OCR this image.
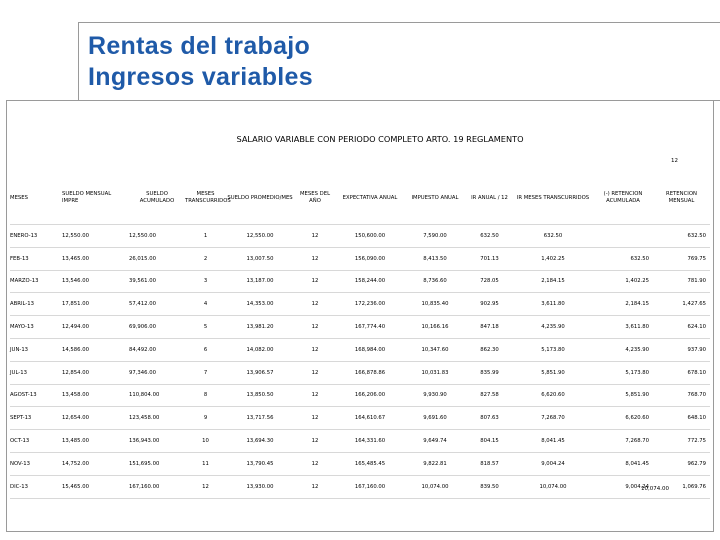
Rentas del trabajo
Ingresos variables
SALARIO VARIABLE CON PERIODO COMPLETO ARTO. 19 REGLAMENTO
12
MESES	SUELDO MENSUAL IMPRE	SUELDO ACUMULADO	MESES TRANSCURRIDOS	SUELDO PROMEDIO/MES	MESES DEL AÑO	EXPECTATIVA ANUAL	IMPUESTO ANUAL	IR ANUAL / 12	IR MESES TRANSCURRIDOS	(-) RETENCION ACUMULADA	RETENCION MENSUAL
ENERO-13	12,550.00	12,550.00	1	12,550.00	12	150,600.00	7,590.00	632.50	632.50		632.50
FEB-13	13,465.00	26,015.00	2	13,007.50	12	156,090.00	8,413.50	701.13	1,402.25	632.50	769.75
MARZO-13	13,546.00	39,561.00	3	13,187.00	12	158,244.00	8,736.60	728.05	2,184.15	1,402.25	781.90
ABRIL-13	17,851.00	57,412.00	4	14,353.00	12	172,236.00	10,835.40	902.95	3,611.80	2,184.15	1,427.65
MAYO-13	12,494.00	69,906.00	5	13,981.20	12	167,774.40	10,166.16	847.18	4,235.90	3,611.80	624.10
JUN-13	14,586.00	84,492.00	6	14,082.00	12	168,984.00	10,347.60	862.30	5,173.80	4,235.90	937.90
JUL-13	12,854.00	97,346.00	7	13,906.57	12	166,878.86	10,031.83	835.99	5,851.90	5,173.80	678.10
AGOST-13	13,458.00	110,804.00	8	13,850.50	12	166,206.00	9,930.90	827.58	6,620.60	5,851.90	768.70
SEPT-13	12,654.00	123,458.00	9	13,717.56	12	164,610.67	9,691.60	807.63	7,268.70	6,620.60	648.10
OCT-13	13,485.00	136,943.00	10	13,694.30	12	164,331.60	9,649.74	804.15	8,041.45	7,268.70	772.75
NOV-13	14,752.00	151,695.00	11	13,790.45	12	165,485.45	9,822.81	818.57	9,004.24	8,041.45	962.79
DIC-13	15,465.00	167,160.00	12	13,930.00	12	167,160.00	10,074.00	839.50	10,074.00	9,004.24	1,069.76
10,074.00
